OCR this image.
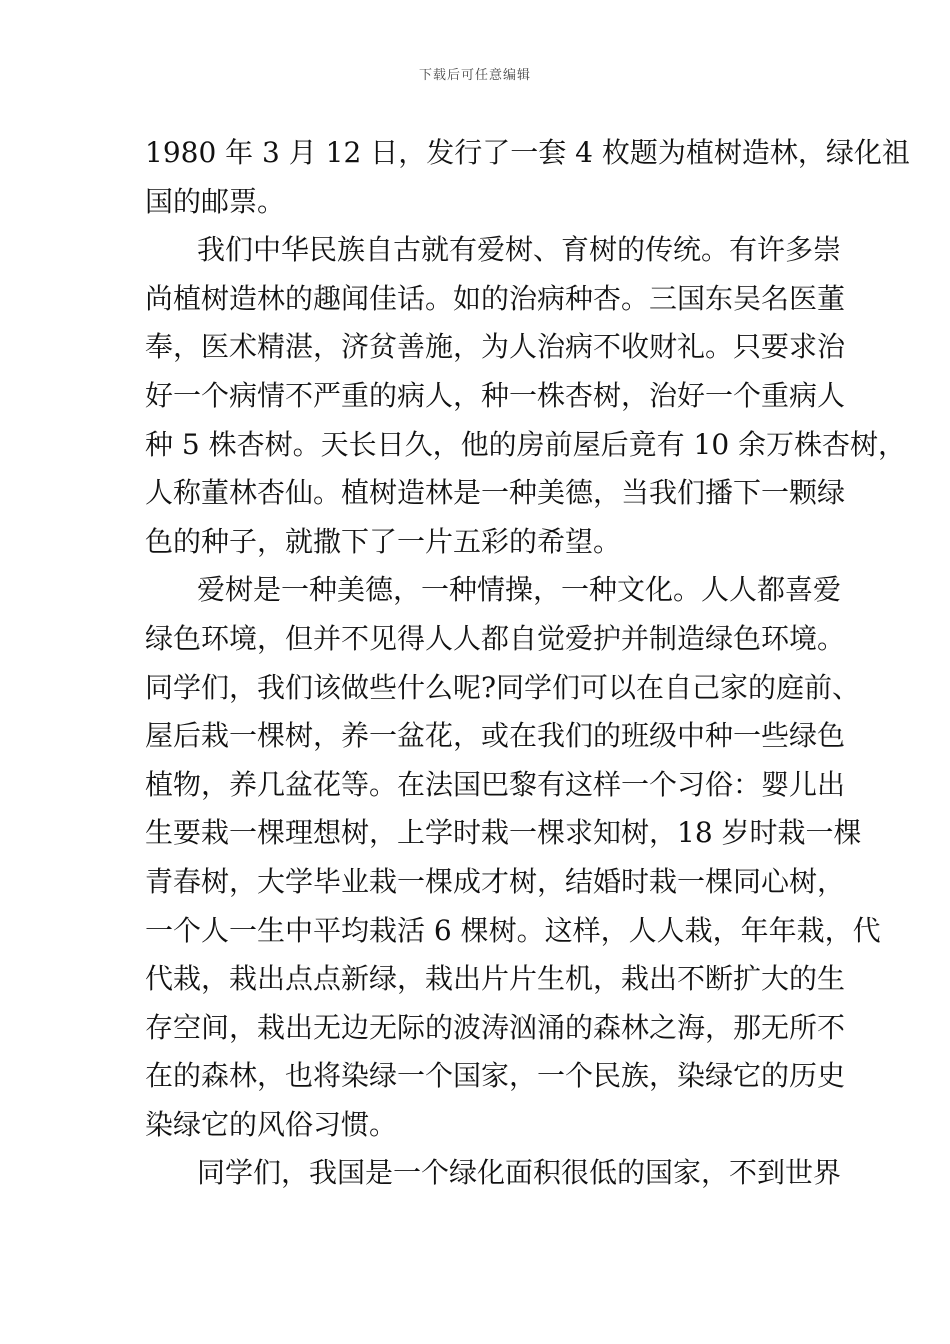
下载后可任意编辑
1980 年 3 月 12 日，发行了一套 4 枚题为植树造林，绿化祖
国的邮票。
我们中华民族自古就有爱树、育树的传统。有许多崇
尚植树造林的趣闻佳话。如的治病种杏。三国东吴名医董
奉，医术精湛，济贫善施，为人治病不收财礼。只要求治
好一个病情不严重的病人，种一株杏树，治好一个重病人
种 5 株杏树。天长日久，他的房前屋后竟有 10 余万株杏树，
人称董林杏仙。植树造林是一种美德，当我们播下一颗绿
色的种子，就撒下了一片五彩的希望。
爱树是一种美德，一种情操，一种文化。人人都喜爱
绿色环境，但并不见得人人都自觉爱护并制造绿色环境。
同学们，我们该做些什么呢?同学们可以在自己家的庭前、
屋后栽一棵树，养一盆花，或在我们的班级中种一些绿色
植物，养几盆花等。在法国巴黎有这样一个习俗：婴儿出
生要栽一棵理想树，上学时栽一棵求知树，18 岁时栽一棵
青春树，大学毕业栽一棵成才树，结婚时栽一棵同心树，
一个人一生中平均栽活 6 棵树。这样，人人栽，年年栽，代
代栽，栽出点点新绿，栽出片片生机，栽出不断扩大的生
存空间，栽出无边无际的波涛汹涌的森林之海，那无所不
在的森林，也将染绿一个国家，一个民族，染绿它的历史
染绿它的风俗习惯。
同学们，我国是一个绿化面积很低的国家，不到世界
